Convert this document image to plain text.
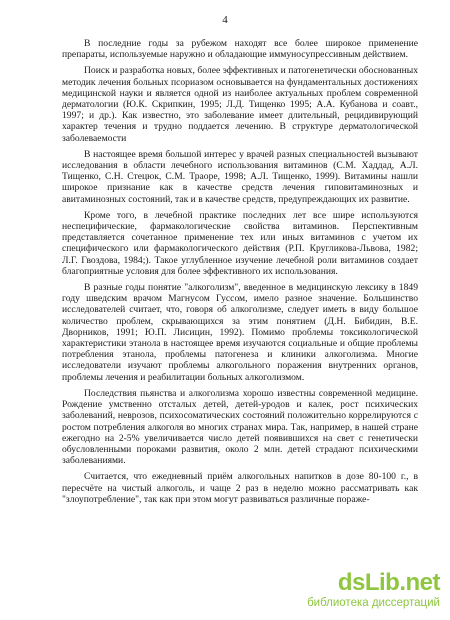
4

В последние годы за рубежом находят все более широкое применение препараты, используемые наружно и обладающие иммуносупрессивным действием.

Поиск и разработка новых, более эффективных и патогенетически обоснованных методик лечения больных псориазом основывается на фундаментальных достижениях медицинской науки и является одной из наиболее актуальных проблем современной дерматологии (Ю.К. Скрипкин, 1995; Л.Д. Тищенко 1995; А.А. Кубанова и соавт., 1997; и др.). Как известно, это заболевание имеет длительный, рецидивирующий характер течения и трудно поддается лечению. В структуре дерматологической заболеваемости

В настоящее время большой интерес у врачей разных специальностей вызывают исследования в области лечебного использования витаминов (С.М. Хаддад, А.Л. Тищенко, С.Н. Стецюк, С.М. Траоре, 1998; А.Л. Тищенко, 1999). Витамины нашли широкое признание как в качестве средств лечения гиповитаминозных и авитаминозных состояний, так и в качестве средств, предупреждающих их развитие.

Кроме того, в лечебной практике последних лет все шире используются неспецифические, фармакологические свойства витаминов. Перспективным представляется сочетанное применение тех или иных витаминов с учетом их специфического или фармакологического действия (Р.П. Кругликова-Львова, 1982; Л.Г. Гвоздова, 1984;). Такое углубленное изучение лечебной роли витаминов создает благоприятные условия для более эффективного их использования.

В разные годы понятие "алкоголизм", введенное в медицинскую лексику в 1849 году шведским врачом Магнусом Гуссом, имело разное значение. Большинство исследователей считает, что, говоря об алкоголизме, следует иметь в виду большое количество проблем, скрывающихся за этим понятием (Д.Н. Бибидин, В.Е. Дворников, 1991; Ю.П. Лисицин, 1992). Помимо проблемы токсикологической характеристики этанола в настоящее время изучаются социальные и общие проблемы потребления этанола, проблемы патогенеза и клиники алкоголизма. Многие исследователи изучают проблемы алкогольного поражения внутренних органов, проблемы лечения и реабилитации больных алкоголизмом.

Последствия пьянства и алкоголизма хорошо известны современной медицине. Рождение умственно отсталых детей, детей-уродов и калек, рост психических заболеваний, неврозов, психосоматических состояний положительно коррелируются с ростом потребления алкоголя во многих странах мира. Так, например, в нашей стране ежегодно на 2-5% увеличивается число детей появившихся на свет с генетически обусловленными пороками развития, около 2 млн. детей страдают психическими заболеваниями.

Считается, что ежедневный приём алкогольных напитков в дозе 80-100 г., в пересчёте на чистый алкоголь, и чаще 2 раз в неделю можно рассматривать как "злоупотребление", так как при этом могут развиваться различные пораже-

dsLib . net
библиотека диссертаций
